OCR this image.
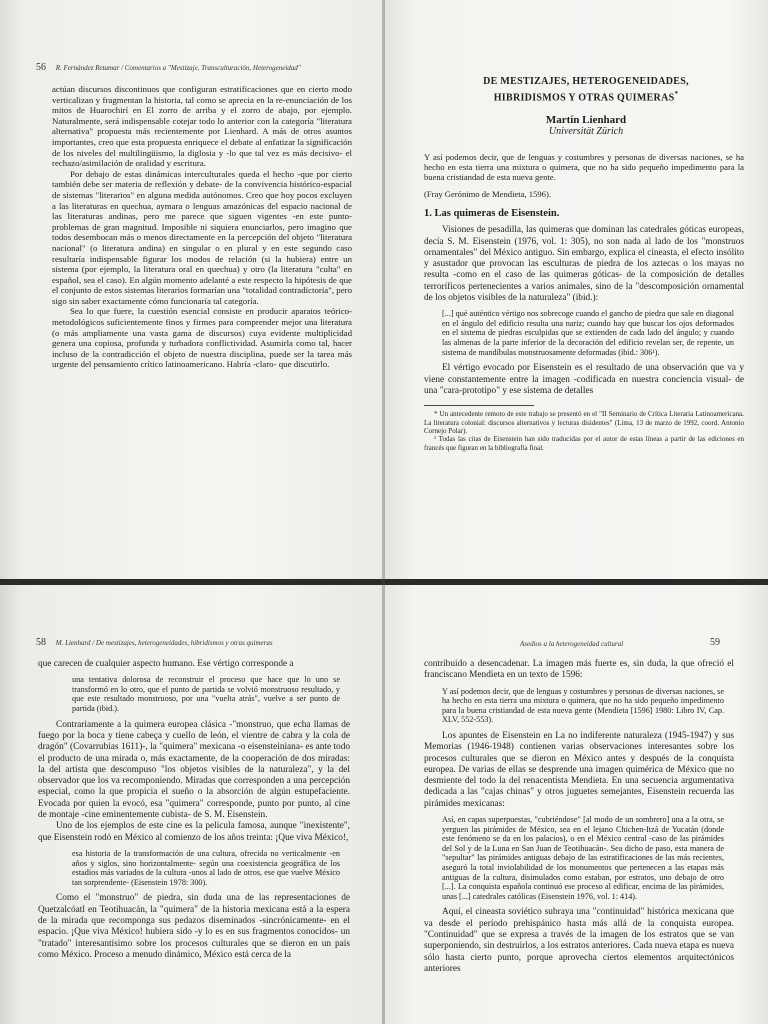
56 R. Fernández Retamar / Comentarios a "Mestizaje, Transculturación, Heterogeneidad"

actúan discursos discontinuos que configuran estratificaciones que en cierto modo verticalizan y fragmentan la historia, tal como se aprecia en la re-enunciación de los mitos de Huarochirí en El zorro de arriba y el zorro de abajo, por ejemplo. Naturalmente, será indispensable cotejar todo lo anterior con la categoría "literatura alternativa" propuesta más recientemente por Lienhard. A más de otros asuntos importantes, creo que esta propuesta enriquece el debate al enfatizar la significación de los niveles del multilingüismo, la diglosia y -lo que tal vez es más decisivo- el rechazo/asimilación de oralidad y escritura.

Por debajo de estas dinámicas interculturales queda el hecho -que por cierto también debe ser materia de reflexión y debate- de la convivencia histórico-espacial de sistemas "literarios" en alguna medida autónomos. Creo que hoy pocos excluyen a las literaturas en quechua, aymara o lenguas amazónicas del espacio nacional de las literaturas andinas, pero me parece que siguen vigentes -en este punto- problemas de gran magnitud. Imposible ni siquiera enunciarlos, pero imagino que todos desembocan más o menos directamente en la percepción del objeto "literatura nacional" (o literatura andina) en singular o en plural y en este segundo caso resultaría indispensable figurar los modos de relación (si la hubiera) entre un sistema (por ejemplo, la literatura oral en quechua) y otro (la literatura "culta" en español, sea el caso). En algún momento adelanté a este respecto la hipótesis de que el conjunto de estos sistemas literarios formarían una "totalidad contradictoria", pero sigo sin saber exactamente cómo funcionaría tal categoría.

Sea lo que fuere, la cuestión esencial consiste en producir aparatos teórico-metodológicos suficientemente finos y firmes para comprender mejor una literatura (o más ampliamente una vasta gama de discursos) cuya evidente multiplicidad genera una copiosa, profunda y turbadora conflictividad. Asumirla como tal, hacer incluso de la contradicción el objeto de nuestra disciplina, puede ser la tarea más urgente del pensamiento crítico latinoamericano. Habría -claro- que discutirlo.

DE MESTIZAJES, HETEROGENEIDADES,
HIBRIDISMOS Y OTRAS QUIMERAS*
Martín Lienhard
Universität Zürich

Y así podemos decir, que de lenguas y costumbres y personas de diversas naciones, se ha hecho en esta tierra una mixtura o quimera, que no ha sido pequeño impedimento para la buena cristiandad de esta nueva gente.

(Fray Gerónimo de Mendieta, 1596).

1. Las quimeras de Eisenstein.

Visiones de pesadilla, las quimeras que dominan las catedrales góticas europeas, decía S. M. Eisenstein (1976, vol. 1: 305), no son nada al lado de los "monstruos ornamentales" del México antiguo. Sin embargo, explica el cineasta, el efecto insólito y asustador que provocan las esculturas de piedra de los aztecas o los mayas no resulta -como en el caso de las quimeras góticas- de la composición de detalles terroríficos pertenecientes a varios animales, sino de la "descomposición ornamental de los objetos visibles de la naturaleza" (ibid.):

[...] qué auténtico vértigo nos sobrecoge cuando el gancho de piedra que sale en diagonal en el ángulo del edificio resulta una nariz; cuando hay que buscar los ojos deformados en el sistema de piedras esculpidas que se extienden de cada lado del ángulo; y cuando las almenas de la parte inferior de la decoración del edificio revelan ser, de repente, un sistema de mandíbulas monstruosamente deformadas (ibid.: 306¹).

El vértigo evocado por Eisenstein es el resultado de una observación que va y viene constantemente entre la imagen -codificada en nuestra conciencia visual- de una "cara-prototipo" y ese sistema de detalles

* Un antecedente remoto de este trabajo se presentó en el "II Seminario de Crítica Literaria Latinoamericana. La literatura colonial: discursos alternativos y lecturas disidentes" (Lima, 13 de marzo de 1992, coord. Antonio Cornejo Polar).
¹ Todas las citas de Eisenstein han sido traducidas por el autor de estas líneas a partir de las ediciones en francés que figuran en la bibliografía final.
58 M. Lienhard / De mestizajes, heterogeneidades, hibridismos y otras quimeras

que carecen de cualquier aspecto humano. Ese vértigo corresponde a

una tentativa dolorosa de reconstruir el proceso que hace que lo uno se transformó en lo otro, que el punto de partida se volvió monstruoso resultado, y que este resultado monstruoso, por una "vuelta atrás", vuelve a ser punto de partida (ibid.).

Contrariamente a la quimera europea clásica -"monstruo, que echa llamas de fuego por la boca y tiene cabeça y cuello de león, el vientre de cabra y la cola de dragón" (Covarrubias 1611)-, la "quimera" mexicana -o eisensteiniana- es ante todo el producto de una mirada o, más exactamente, de la cooperación de dos miradas: la del artista que descompuso "los objetos visibles de la naturaleza", y la del observador que los va recomponiendo. Miradas que corresponden a una percepción especial, como la que propicia el sueño o la absorción de algún estupefaciente. Evocada por quien la evocó, esa "quimera" corresponde, punto por punto, al cine de montaje -cine eminentemente cubista- de S. M. Eisenstein.

Uno de los ejemplos de este cine es la película famosa, aunque "inexistente", que Eisenstein rodó en México al comienzo de los años treinta: ¡Que viva México!,

esa historia de la transformación de una cultura, ofrecida no verticalmente -en años y siglos, sino horizontalmente- según una coexistencia geográfica de los estadios más variados de la cultura -unos al lado de otros, ese que vuelve México tan sorprendente- (Eisenstein 1978: 300).

Como el "monstruo" de piedra, sin duda una de las representaciones de Quetzalcóatl en Teotihuacán, la "quimera" de la historia mexicana está a la espera de la mirada que recomponga sus pedazos diseminados -sincrónicamente- en el espacio. ¡Que viva México! hubiera sido -y lo es en sus fragmentos conocidos- un "tratado" interesantísimo sobre los procesos culturales que se dieron en un país como México. Proceso a menudo dinámico, México está cerca de la

Asedios a la heterogeneidad cultural	59

contribuido a desencadenar. La imagen más fuerte es, sin duda, la que ofreció el franciscano Mendieta en un texto de 1596:

Y así podemos decir, que de lenguas y costumbres y personas de diversas naciones, se ha hecho en esta tierra una mixtura o quimera, que no ha sido pequeño impedimento para la buena cristiandad de esta nueva gente (Mendieta [1596] 1980: Libro IV, Cap. XLV, 552-553).

Los apuntes de Eisenstein en La no indiferente naturaleza (1945-1947) y sus Memorias (1946-1948) contienen varias observaciones interesantes sobre los procesos culturales que se dieron en México antes y después de la conquista europea. De varias de ellas se desprende una imagen quimérica de México que no desmiente del todo la del renacentista Mendieta. En una secuencia argumentativa dedicada a las "cajas chinas" y otros juguetes semejantes, Eisenstein recuerda las pirámides mexicanas:

Así, en capas superpuestas, "cubriéndose" [al modo de un sombrero] una a la otra, se yerguen las pirámides de México, sea en el lejano Chichen-Itzá de Yucatán (donde este fenómeno se da en los palacios), o en el México central -caso de las pirámides del Sol y de la Luna en San Juan de Teotihuacán-. Sea dicho de paso, esta manera de "sepultar" las pirámides antiguas debajo de las estratificaciones de las más recientes, aseguró la total inviolabilidad de los monumentos que pertenecen a las etapas más antiguas de la cultura, disimulados como estaban, por estratos, uno debajo de otro [...]. La conquista española continuó ese proceso al edificar, encima de las pirámides, unas [...] catedrales católicas (Eisenstein 1976, vol. 1: 414).

Aquí, el cineasta soviético subraya una "continuidad" histórica mexicana que va desde el período prehispánico hasta más allá de la conquista europea. "Continuidad" que se expresa a través de la imagen de los estratos que se van superponiendo, sin destruirlos, a los estratos anteriores. Cada nueva etapa es nueva sólo hasta cierto punto, porque aprovecha ciertos elementos arquitectónicos anteriores
